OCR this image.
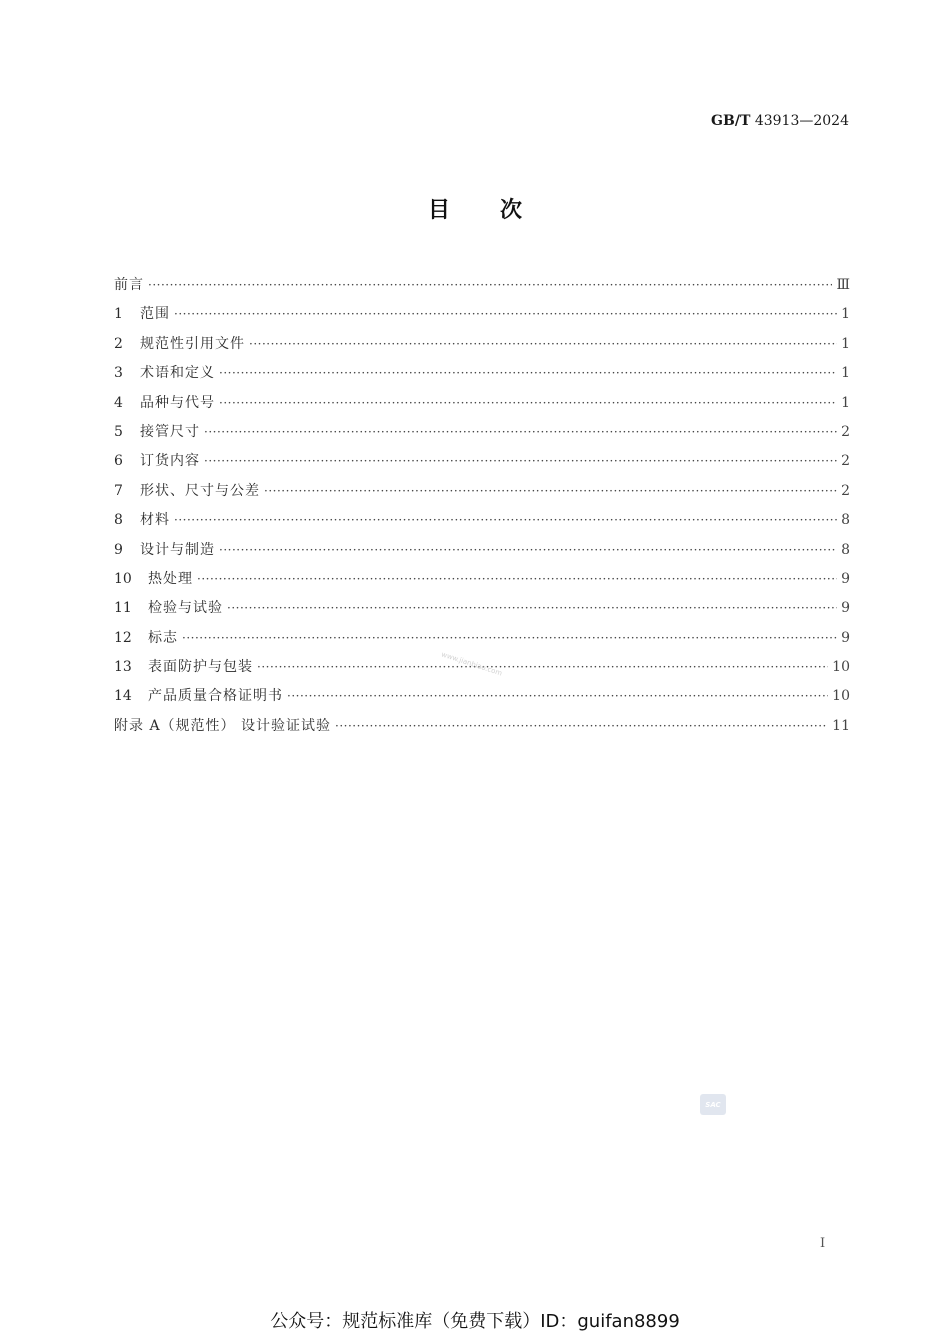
GB/T 43913—2024
目次
前言 ·····	Ⅲ
1	范围 ·····	1
2	规范性引用文件 ·····	1
3	术语和定义 ·····	1
4	品种与代号 ·····	1
5	接管尺寸 ·····	2
6	订货内容 ·····	2
7	形状、尺寸与公差 ·····	2
8	材料 ·····	8
9	设计与制造 ·····	8
10	热处理 ·····	9
11	检验与试验 ·····	9
12	标志 ·····	9
13	表面防护与包装 ·····	10
14	产品质量合格证明书 ·····	10
附录 A（规范性） 设计验证试验 ·····	11
www.jianbiao.com
SAC
I
公众号：规范标准库（免费下载）ID：guifan8899
